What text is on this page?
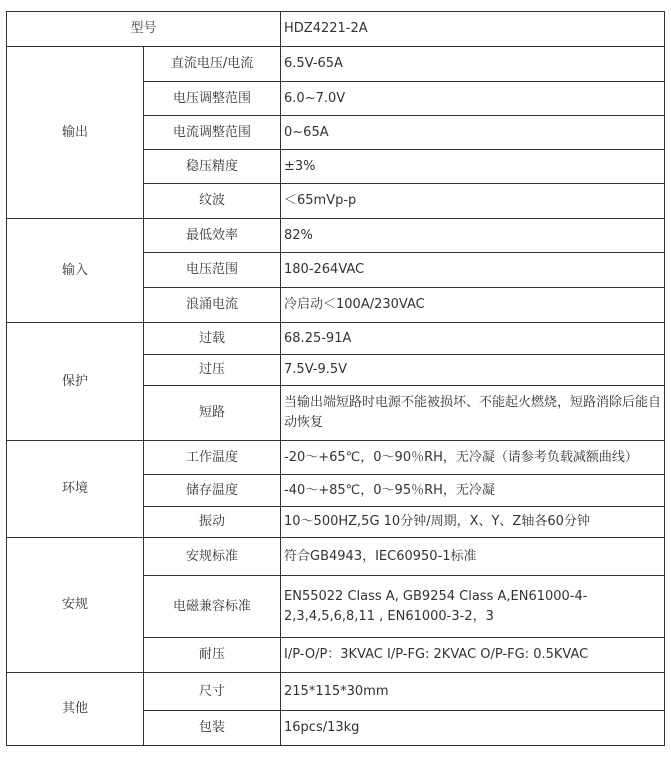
型号		HDZ4221-2A
输出	直流电压/电流	6.5V-65A
	电压调整范围	6.0~7.0V
	电流调整范围	0~65A
	稳压精度	±3%
	纹波	＜65mVp-p
输入	最低效率	82%
	电压范围	180-264VAC
	浪涌电流	冷启动＜100A/230VAC
保护	过载	68.25-91A
	过压	7.5V-9.5V
	短路	当输出端短路时电源不能被损坏、不能起火燃烧，短路消除后能自动恢复
环境	工作温度	-20～+65℃，0～90％RH，无冷凝（请参考负载减额曲线）
	储存温度	-40～+85℃，0～95％RH，无冷凝
	振动	10～500HZ,5G 10分钟/周期，X、Y、Z轴各60分钟
安规	安规标准	符合GB4943，IEC60950-1标准
	电磁兼容标准	EN55022 Class A, GB9254 Class A,EN61000-4-2,3,4,5,6,8,11 , EN61000-3-2，3
	耐压	I/P-O/P：3KVAC I/P-FG: 2KVAC O/P-FG: 0.5KVAC
其他	尺寸	215*115*30mm
	包装	16pcs/13kg
